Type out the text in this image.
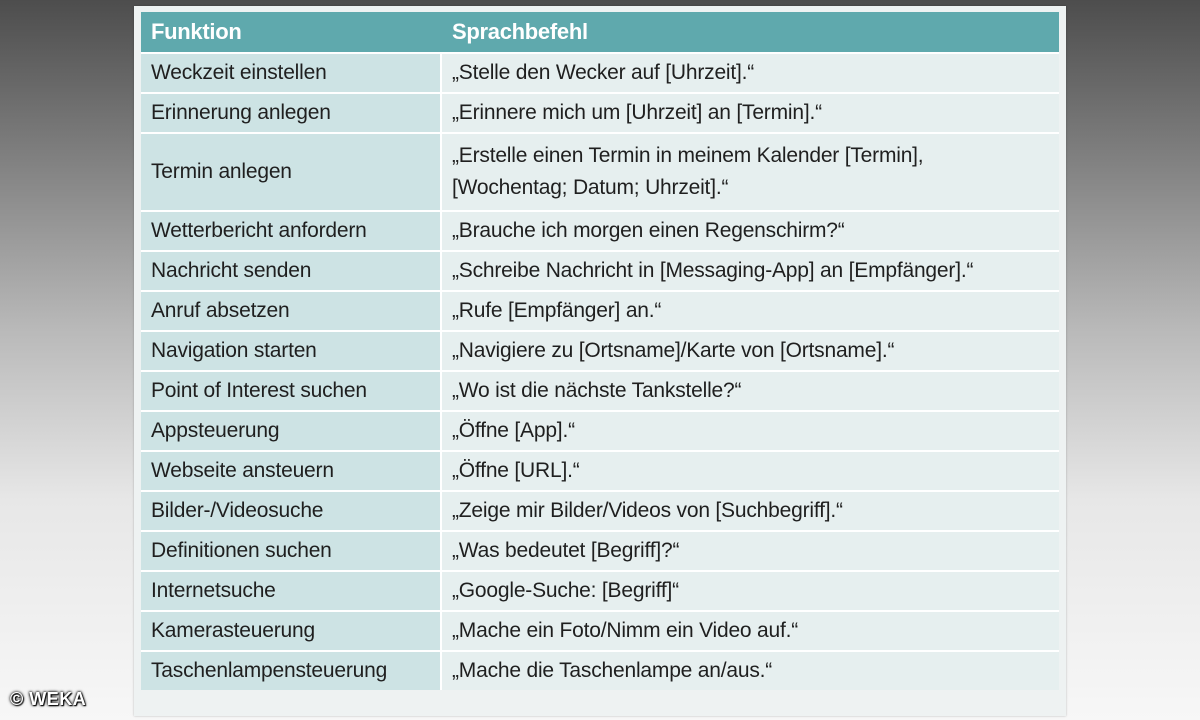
Funktion	Sprachbefehl
Weckzeit einstellen	„Stelle den Wecker auf [Uhrzeit].“
Erinnerung anlegen	„Erinnere mich um [Uhrzeit] an [Termin].“
Termin anlegen	„Erstelle einen Termin in meinem Kalender [Termin], [Wochentag; Datum; Uhrzeit].“

Wetterbericht anfordern	„Brauche ich morgen einen Regenschirm?“
Nachricht senden	„Schreibe Nachricht in [Messaging-App] an [Empfänger].“
Anruf absetzen	„Rufe [Empfänger] an.“
Navigation starten	„Navigiere zu [Ortsname]/Karte von [Ortsname].“
Point of Interest suchen	„Wo ist die nächste Tankstelle?“
Appsteuerung	„Öffne [App].“
Webseite ansteuern	„Öffne [URL].“
Bilder-/Videosuche	„Zeige mir Bilder/Videos von [Suchbegriff].“
Definitionen suchen	„Was bedeutet [Begriff]?“
Internetsuche	„Google-Suche: [Begriff]“
Kamerasteuerung	„Mache ein Foto/Nimm ein Video auf.“
Taschenlampensteuerung	„Mache die Taschenlampe an/aus.“
© WEKA
